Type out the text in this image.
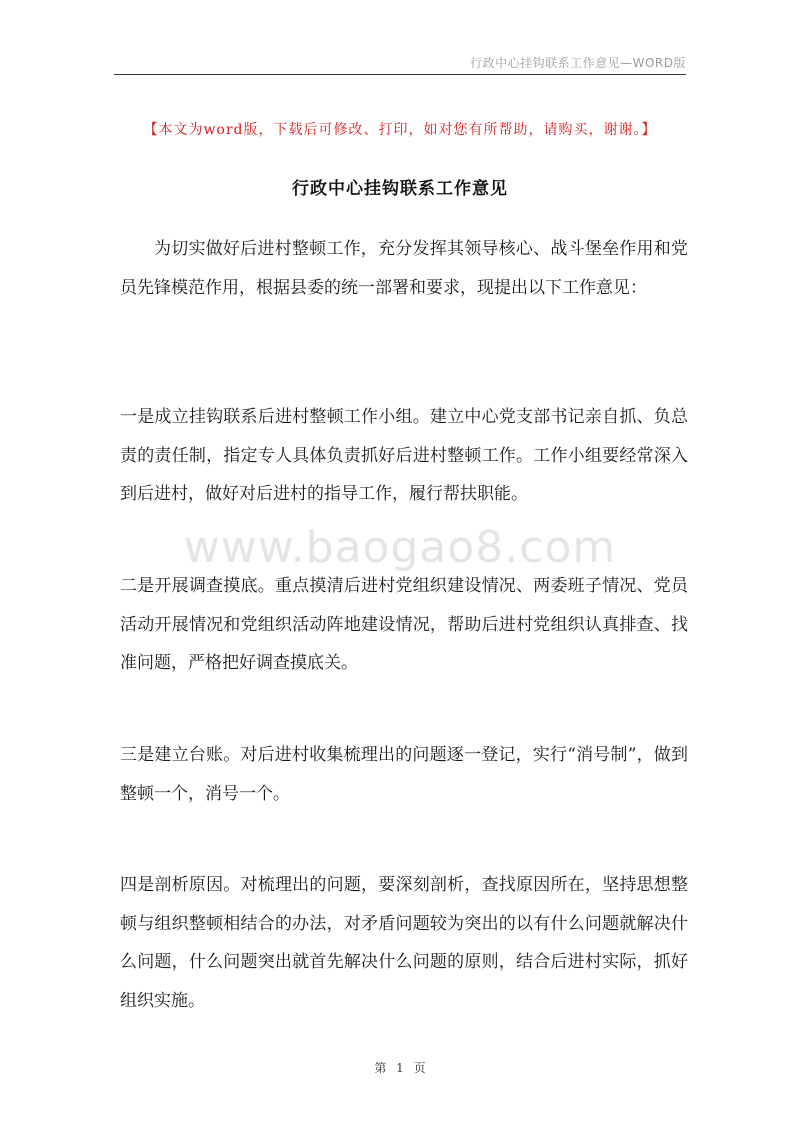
行政中心挂钩联系工作意见—WORD版
【本文为word版，下载后可修改、打印，如对您有所帮助，请购买，谢谢。】
行政中心挂钩联系工作意见

为切实做好后进村整顿工作，充分发挥其领导核心、战斗堡垒作用和党员先锋模范作用，根据县委的统一部署和要求，现提出以下工作意见：

一是成立挂钩联系后进村整顿工作小组。建立中心党支部书记亲自抓、负总责的责任制，指定专人具体负责抓好后进村整顿工作。工作小组要经常深入到后进村，做好对后进村的指导工作，履行帮扶职能。

二是开展调查摸底。重点摸清后进村党组织建设情况、两委班子情况、党员活动开展情况和党组织活动阵地建设情况，帮助后进村党组织认真排查、找准问题，严格把好调查摸底关。

三是建立台账。对后进村收集梳理出的问题逐一登记，实行“消号制”，做到整顿一个，消号一个。

四是剖析原因。对梳理出的问题，要深刻剖析，查找原因所在，坚持思想整顿与组织整顿相结合的办法，对矛盾问题较为突出的以有什么问题就解决什么问题，什么问题突出就首先解决什么问题的原则，结合后进村实际，抓好组织实施。

www.baogao8.com
第 1 页
